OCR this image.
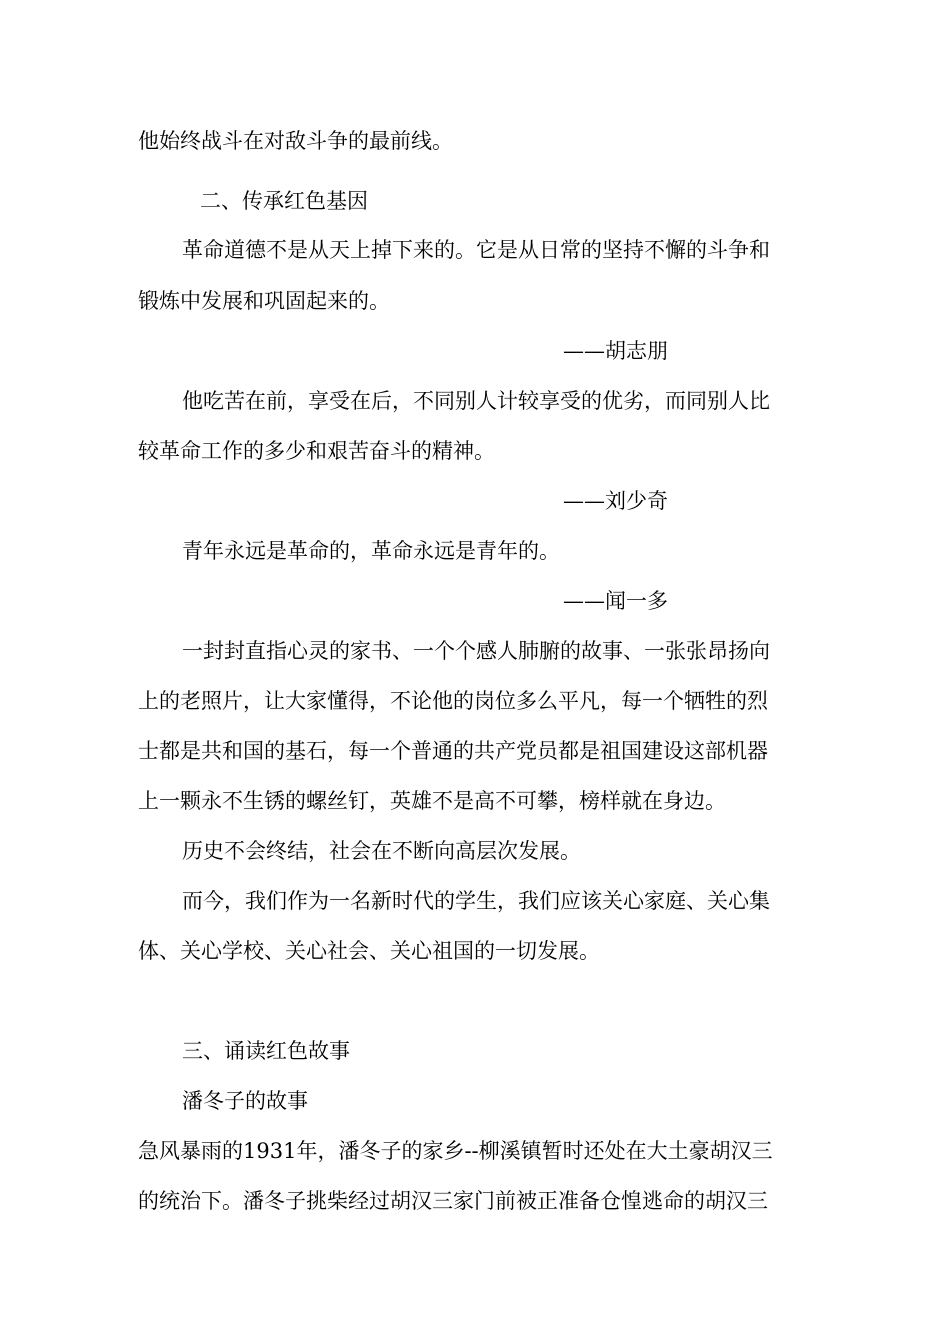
他始终战斗在对敌斗争的最前线。
二、传承红色基因
革命道德不是从天上掉下来的。它是从日常的坚持不懈的斗争和
锻炼中发展和巩固起来的。
——胡志朋
他吃苦在前，享受在后，不同别人计较享受的优劣，而同别人比
较革命工作的多少和艰苦奋斗的精神。
——刘少奇
青年永远是革命的，革命永远是青年的。
——闻一多
一封封直指心灵的家书、一个个感人肺腑的故事、一张张昂扬向
上的老照片，让大家懂得，不论他的岗位多么平凡，每一个牺牲的烈
士都是共和国的基石，每一个普通的共产党员都是祖国建设这部机器
上一颗永不生锈的螺丝钉，英雄不是高不可攀，榜样就在身边。
历史不会终结，社会在不断向高层次发展。
而今，我们作为一名新时代的学生，我们应该关心家庭、关心集
体、关心学校、关心社会、关心祖国的一切发展。
三、诵读红色故事
潘冬子的故事
急风暴雨的1931年，潘冬子的家乡--柳溪镇暂时还处在大土豪胡汉三
的统治下。潘冬子挑柴经过胡汉三家门前被正准备仓惶逃命的胡汉三
